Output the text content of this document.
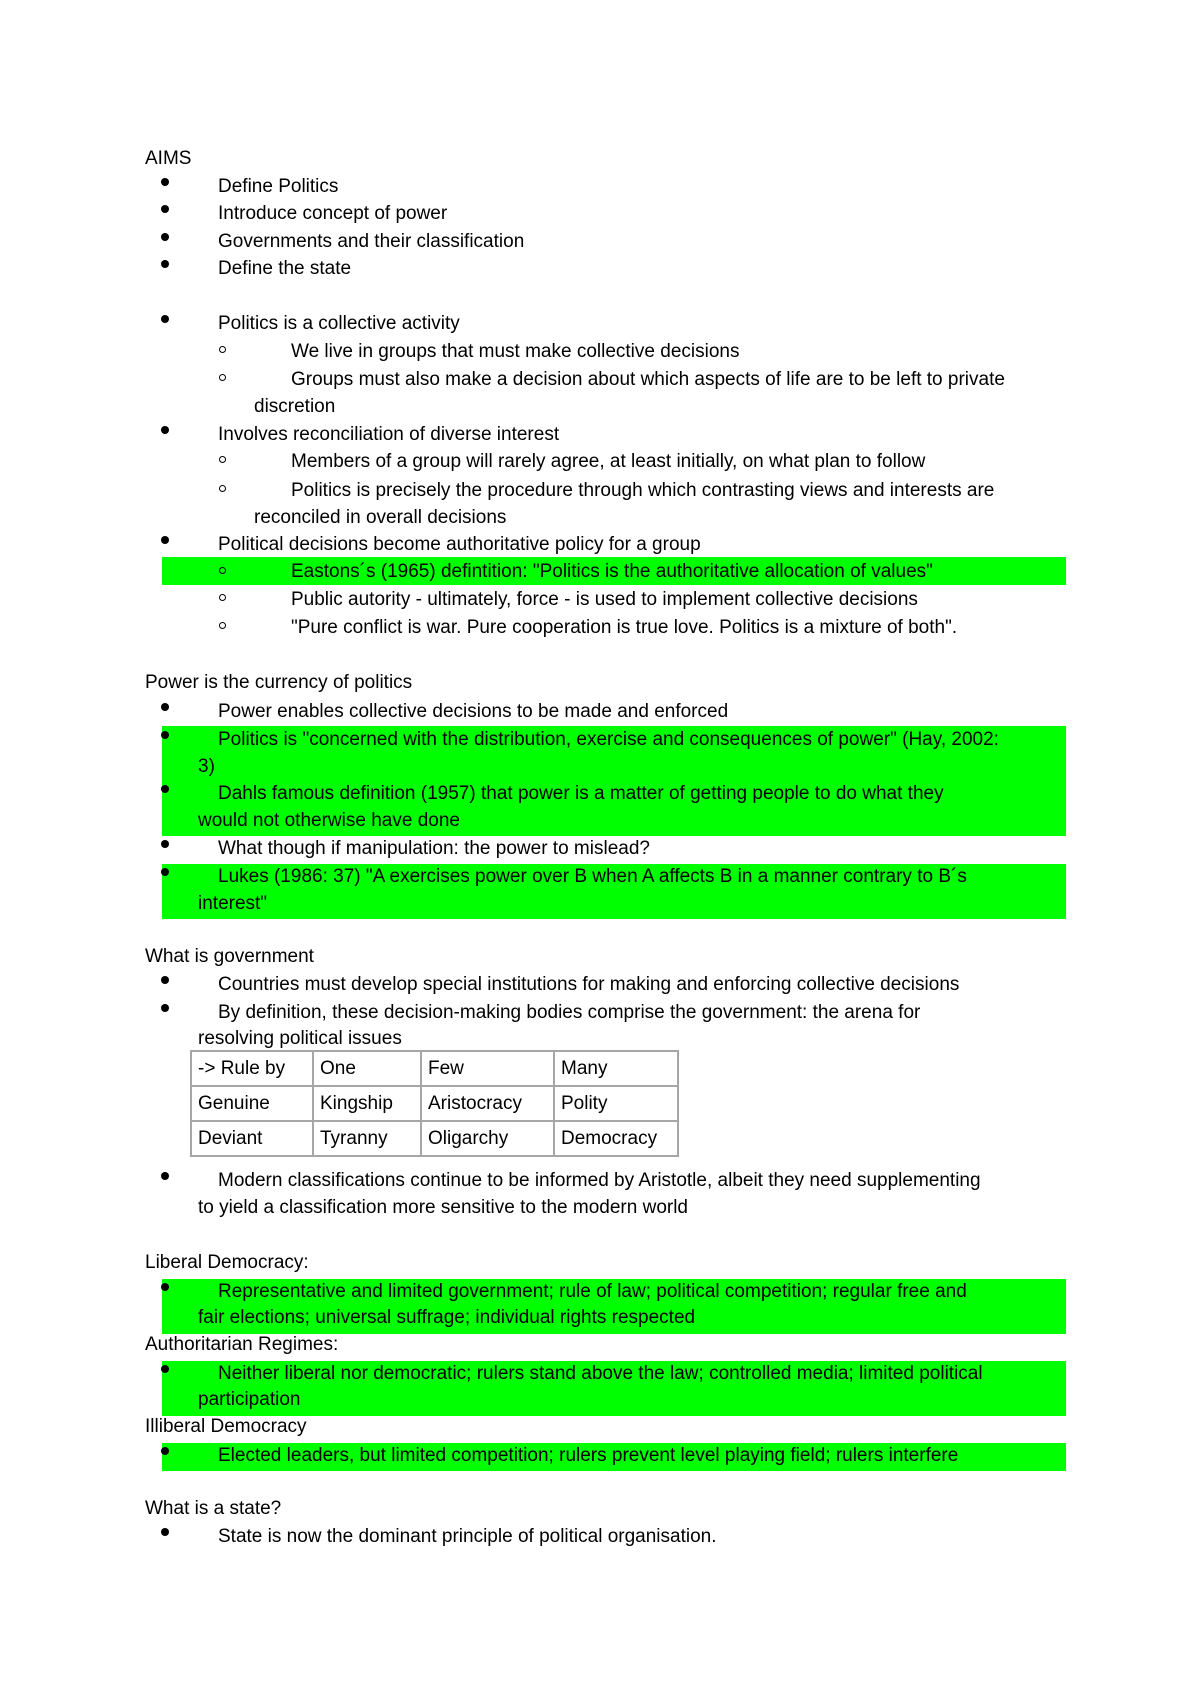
AIMS
Define Politics
Introduce concept of power
Governments and their classification
Define the state
Politics is a collective activity
We live in groups that must make collective decisions
Groups must also make a decision about which aspects of life are to be left to private
discretion
Involves reconciliation of diverse interest
Members of a group will rarely agree, at least initially, on what plan to follow
Politics is precisely the procedure through which contrasting views and interests are
reconciled in overall decisions
Political decisions become authoritative policy for a group
Eastons´s (1965) defintition: "Politics is the authoritative allocation of values"
Public autority - ultimately, force - is used to implement collective decisions
"Pure conflict is war. Pure cooperation is true love. Politics is a mixture of both".
Power is the currency of politics
Power enables collective decisions to be made and enforced
Politics is "concerned with the distribution, exercise and consequences of power" (Hay, 2002:
3)
Dahls famous definition (1957) that power is a matter of getting people to do what they
would not otherwise have done
What though if manipulation: the power to mislead?
Lukes (1986: 37) "A exercises power over B when A affects B in a manner contrary to B´s
interest"
What is government
Countries must develop special institutions for making and enforcing collective decisions
By definition, these decision-making bodies comprise the government: the arena for
resolving political issues
-> Rule by	One	Few	Many
Genuine	Kingship	Aristocracy	Polity
Deviant	Tyranny	Oligarchy	Democracy
Modern classifications continue to be informed by Aristotle, albeit they need supplementing
to yield a classification more sensitive to the modern world
Liberal Democracy:
Representative and limited government; rule of law; political competition; regular free and
fair elections; universal suffrage; individual rights respected
Authoritarian Regimes:
Neither liberal nor democratic; rulers stand above the law; controlled media; limited political
participation
Illiberal Democracy
Elected leaders, but limited competition; rulers prevent level playing field; rulers interfere
What is a state?
State is now the dominant principle of political organisation.
